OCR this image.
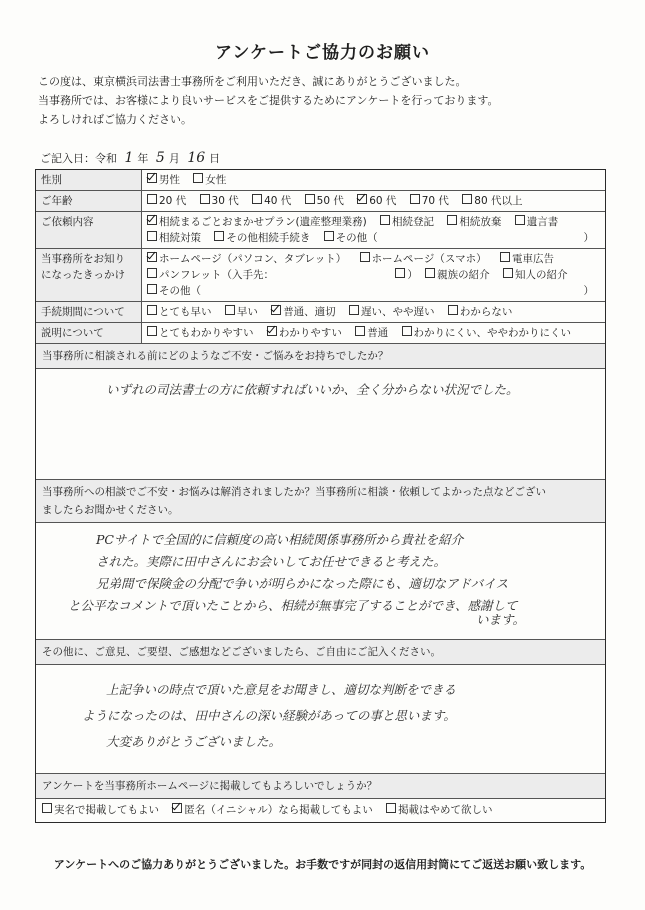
アンケートご協力のお願い
この度は、東京横浜司法書士事務所をご利用いただき、誠にありがとうございました。
当事務所では、お客様により良いサービスをご提供するためにアンケートを行っております。
よろしければご協力ください。
ご記入日：令和 1 年 5 月 16 日
性別	男性 女性
ご年齢	20 代 30 代 40 代 50 代 60 代 70 代 80 代以上
ご依頼内容	相続まるごとおまかせプラン(遺産整理業務) 相続登記 相続放棄 遺言書
相続対策 その他相続手続き その他（	）
当事務所をお知り
になったきっかけ
ホームページ（パソコン、タブレット） ホームページ（スマホ） 電車広告
パンフレット（入手先：	） 親族の紹介 知人の紹介
その他（	）
手続期間について	とても早い 早い 普通、適切 遅い、やや遅い わからない
説明について	とてもわかりやすい わかりやすい 普通 わかりにくい、ややわかりにくい
当事務所に相談される前にどのようなご不安・ご悩みをお持ちでしたか？
いずれの司法書士の方に依頼すればいいか、全く分からない状況でした。
当事務所への相談でご不安・お悩みは解消されましたか？当事務所に相談・依頼してよかった点などござい
ましたらお聞かせください。
PCサイトで全国的に信頼度の高い相続関係事務所から貴社を紹介
された。実際に田中さんにお会いしてお任せできると考えた。
兄弟間で保険金の分配で争いが明らかになった際にも、適切なアドバイス
と公平なコメントで頂いたことから、相続が無事完了することができ、感謝して
います。
その他に、ご意見、ご要望、ご感想などございましたら、ご自由にご記入ください。
上記争いの時点で頂いた意見をお聞きし、適切な判断をできる
ようになったのは、田中さんの深い経験があっての事と思います。
大変ありがとうございました。
アンケートを当事務所ホームページに掲載してもよろしいでしょうか？
実名で掲載してもよい 匿名（イニシャル）なら掲載してもよい 掲載はやめて欲しい
アンケートへのご協力ありがとうございました。お手数ですが同封の返信用封筒にてご返送お願い致します。
